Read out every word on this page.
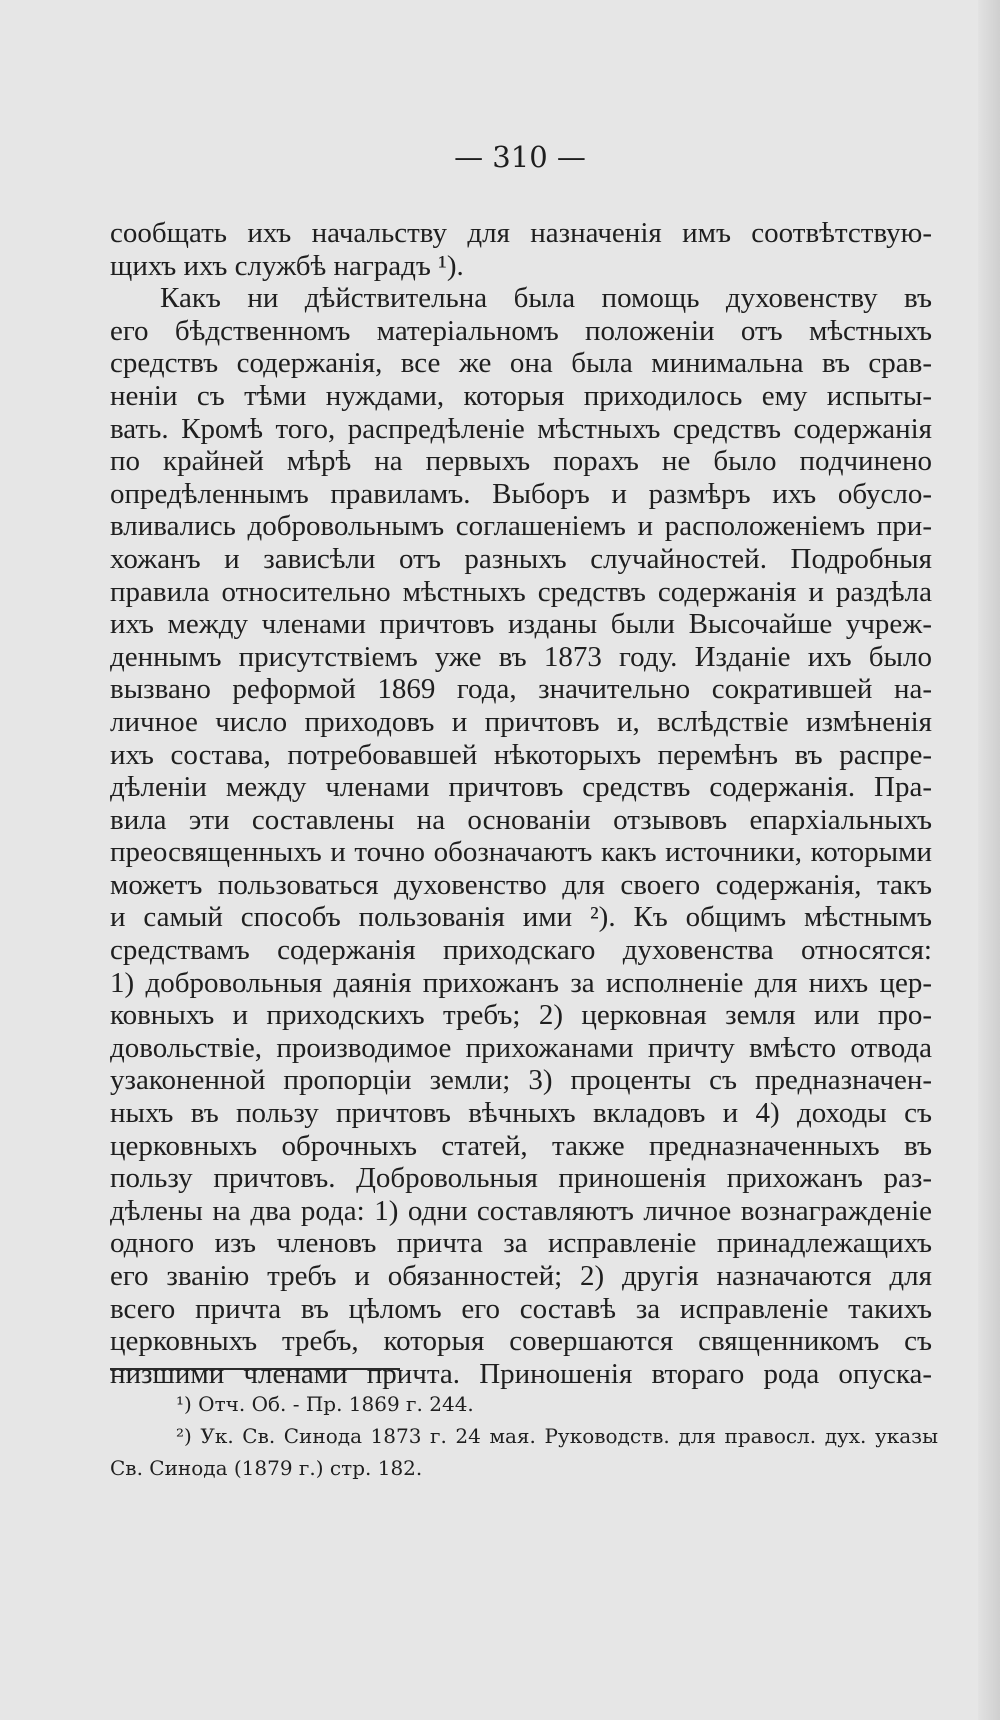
— 310 —
сообщать ихъ начальству для назначенія имъ соотвѣтствую-
щихъ ихъ службѣ наградъ ¹).
Какъ ни дѣйствительна была помощь духовенству въ
его бѣдственномъ матеріальномъ положеніи отъ мѣстныхъ
средствъ содержанія, все же она была минимальна въ срав-
неніи съ тѣми нуждами, которыя приходилось ему испыты-
вать. Кромѣ того, распредѣленіе мѣстныхъ средствъ содержанія
по крайней мѣрѣ на первыхъ порахъ не было подчинено
опредѣленнымъ правиламъ. Выборъ и размѣръ ихъ обусло-
вливались добровольнымъ соглашеніемъ и расположеніемъ при-
хожанъ и зависѣли отъ разныхъ случайностей. Подробныя
правила относительно мѣстныхъ средствъ содержанія и раздѣла
ихъ между членами причтовъ изданы были Высочайше учреж-
деннымъ присутствіемъ уже въ 1873 году. Изданіе ихъ было
вызвано реформой 1869 года, значительно сократившей на-
личное число приходовъ и причтовъ и, вслѣдствіе измѣненія
ихъ состава, потребовавшей нѣкоторыхъ перемѣнъ въ распре-
дѣленіи между членами причтовъ средствъ содержанія. Пра-
вила эти составлены на основаніи отзывовъ епархіальныхъ
преосвященныхъ и точно обозначаютъ какъ источники, которыми
можетъ пользоваться духовенство для своего содержанія, такъ
и самый способъ пользованія ими ²). Къ общимъ мѣстнымъ
средствамъ содержанія приходскаго духовенства относятся:
1) добровольныя даянія прихожанъ за исполненіе для нихъ цер-
ковныхъ и приходскихъ требъ; 2) церковная земля или про-
довольствіе, производимое прихожанами причту вмѣсто отвода
узаконенной пропорціи земли; 3) проценты съ предназначен-
ныхъ въ пользу причтовъ вѣчныхъ вкладовъ и 4) доходы съ
церковныхъ оброчныхъ статей, также предназначенныхъ въ
пользу причтовъ. Добровольныя приношенія прихожанъ раз-
дѣлены на два рода: 1) одни составляютъ личное вознагражденіе
одного изъ членовъ причта за исправленіе принадлежащихъ
его званію требъ и обязанностей; 2) другія назначаются для
всего причта въ цѣломъ его составѣ за исправленіе такихъ
церковныхъ требъ, которыя совершаются священникомъ съ
низшими членами причта. Приношенія втораго рода опуска-
¹) Отч. Об. - Пр. 1869 г. 244.
²) Ук. Св. Синода 1873 г. 24 мая. Руководств. для правосл. дух. указы
Св. Синода (1879 г.) стр. 182.
